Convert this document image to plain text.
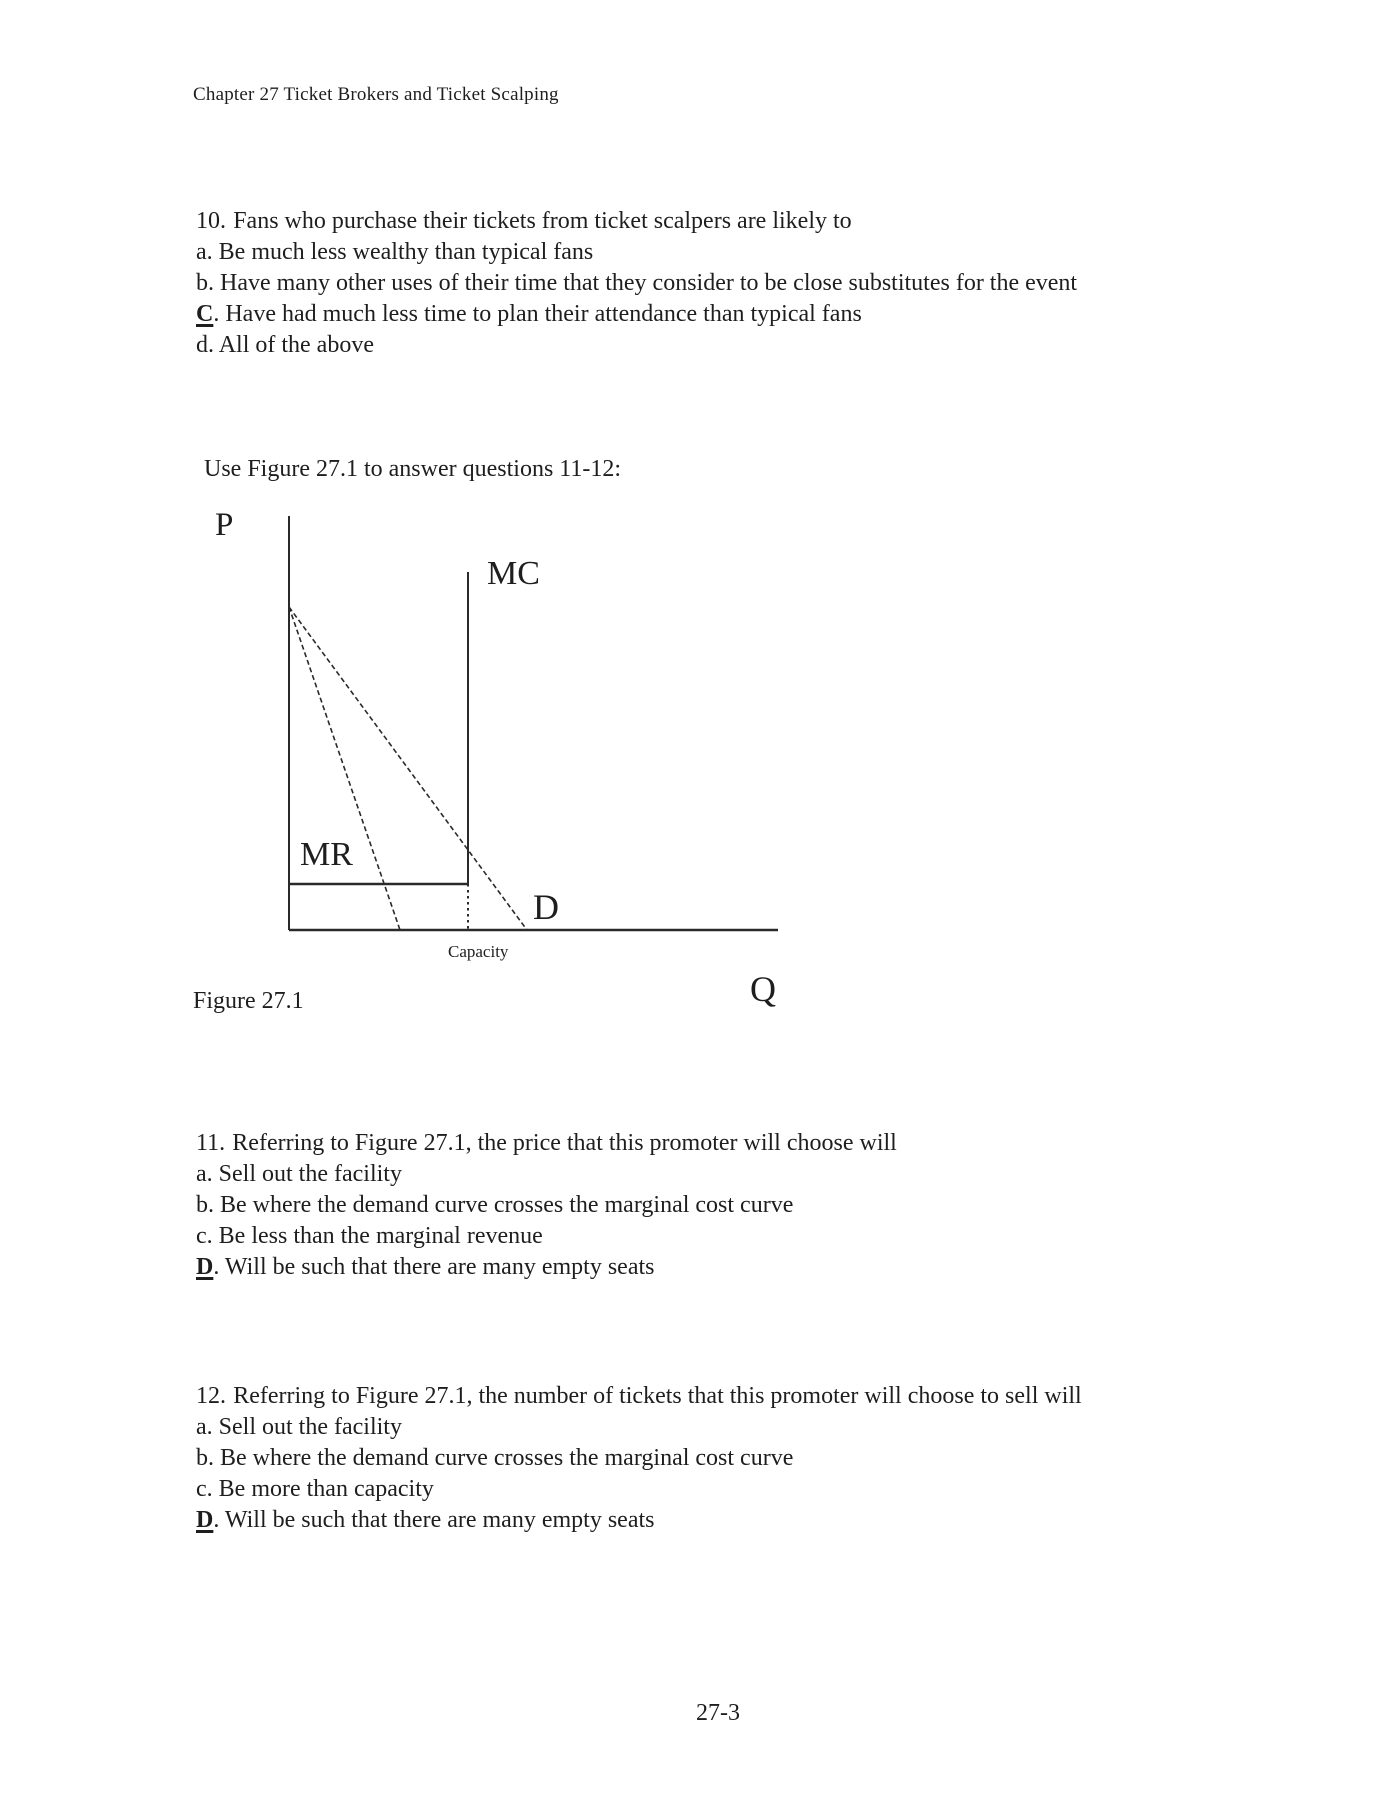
Chapter 27 Ticket Brokers and Ticket Scalping
10. Fans who purchase their tickets from ticket scalpers are likely to
a. Be much less wealthy than typical fans
b. Have many other uses of their time that they consider to be close substitutes for the event
C. Have had much less time to plan their attendance than typical fans
d. All of the above
Use Figure 27.1 to answer questions 11-12:
P
MC
MR
D
Capacity
Q
Figure 27.1
11. Referring to Figure 27.1, the price that this promoter will choose will
a. Sell out the facility
b. Be where the demand curve crosses the marginal cost curve
c. Be less than the marginal revenue
D. Will be such that there are many empty seats
12. Referring to Figure 27.1, the number of tickets that this promoter will choose to sell will
a. Sell out the facility
b. Be where the demand curve crosses the marginal cost curve
c. Be more than capacity
D. Will be such that there are many empty seats
27-3
